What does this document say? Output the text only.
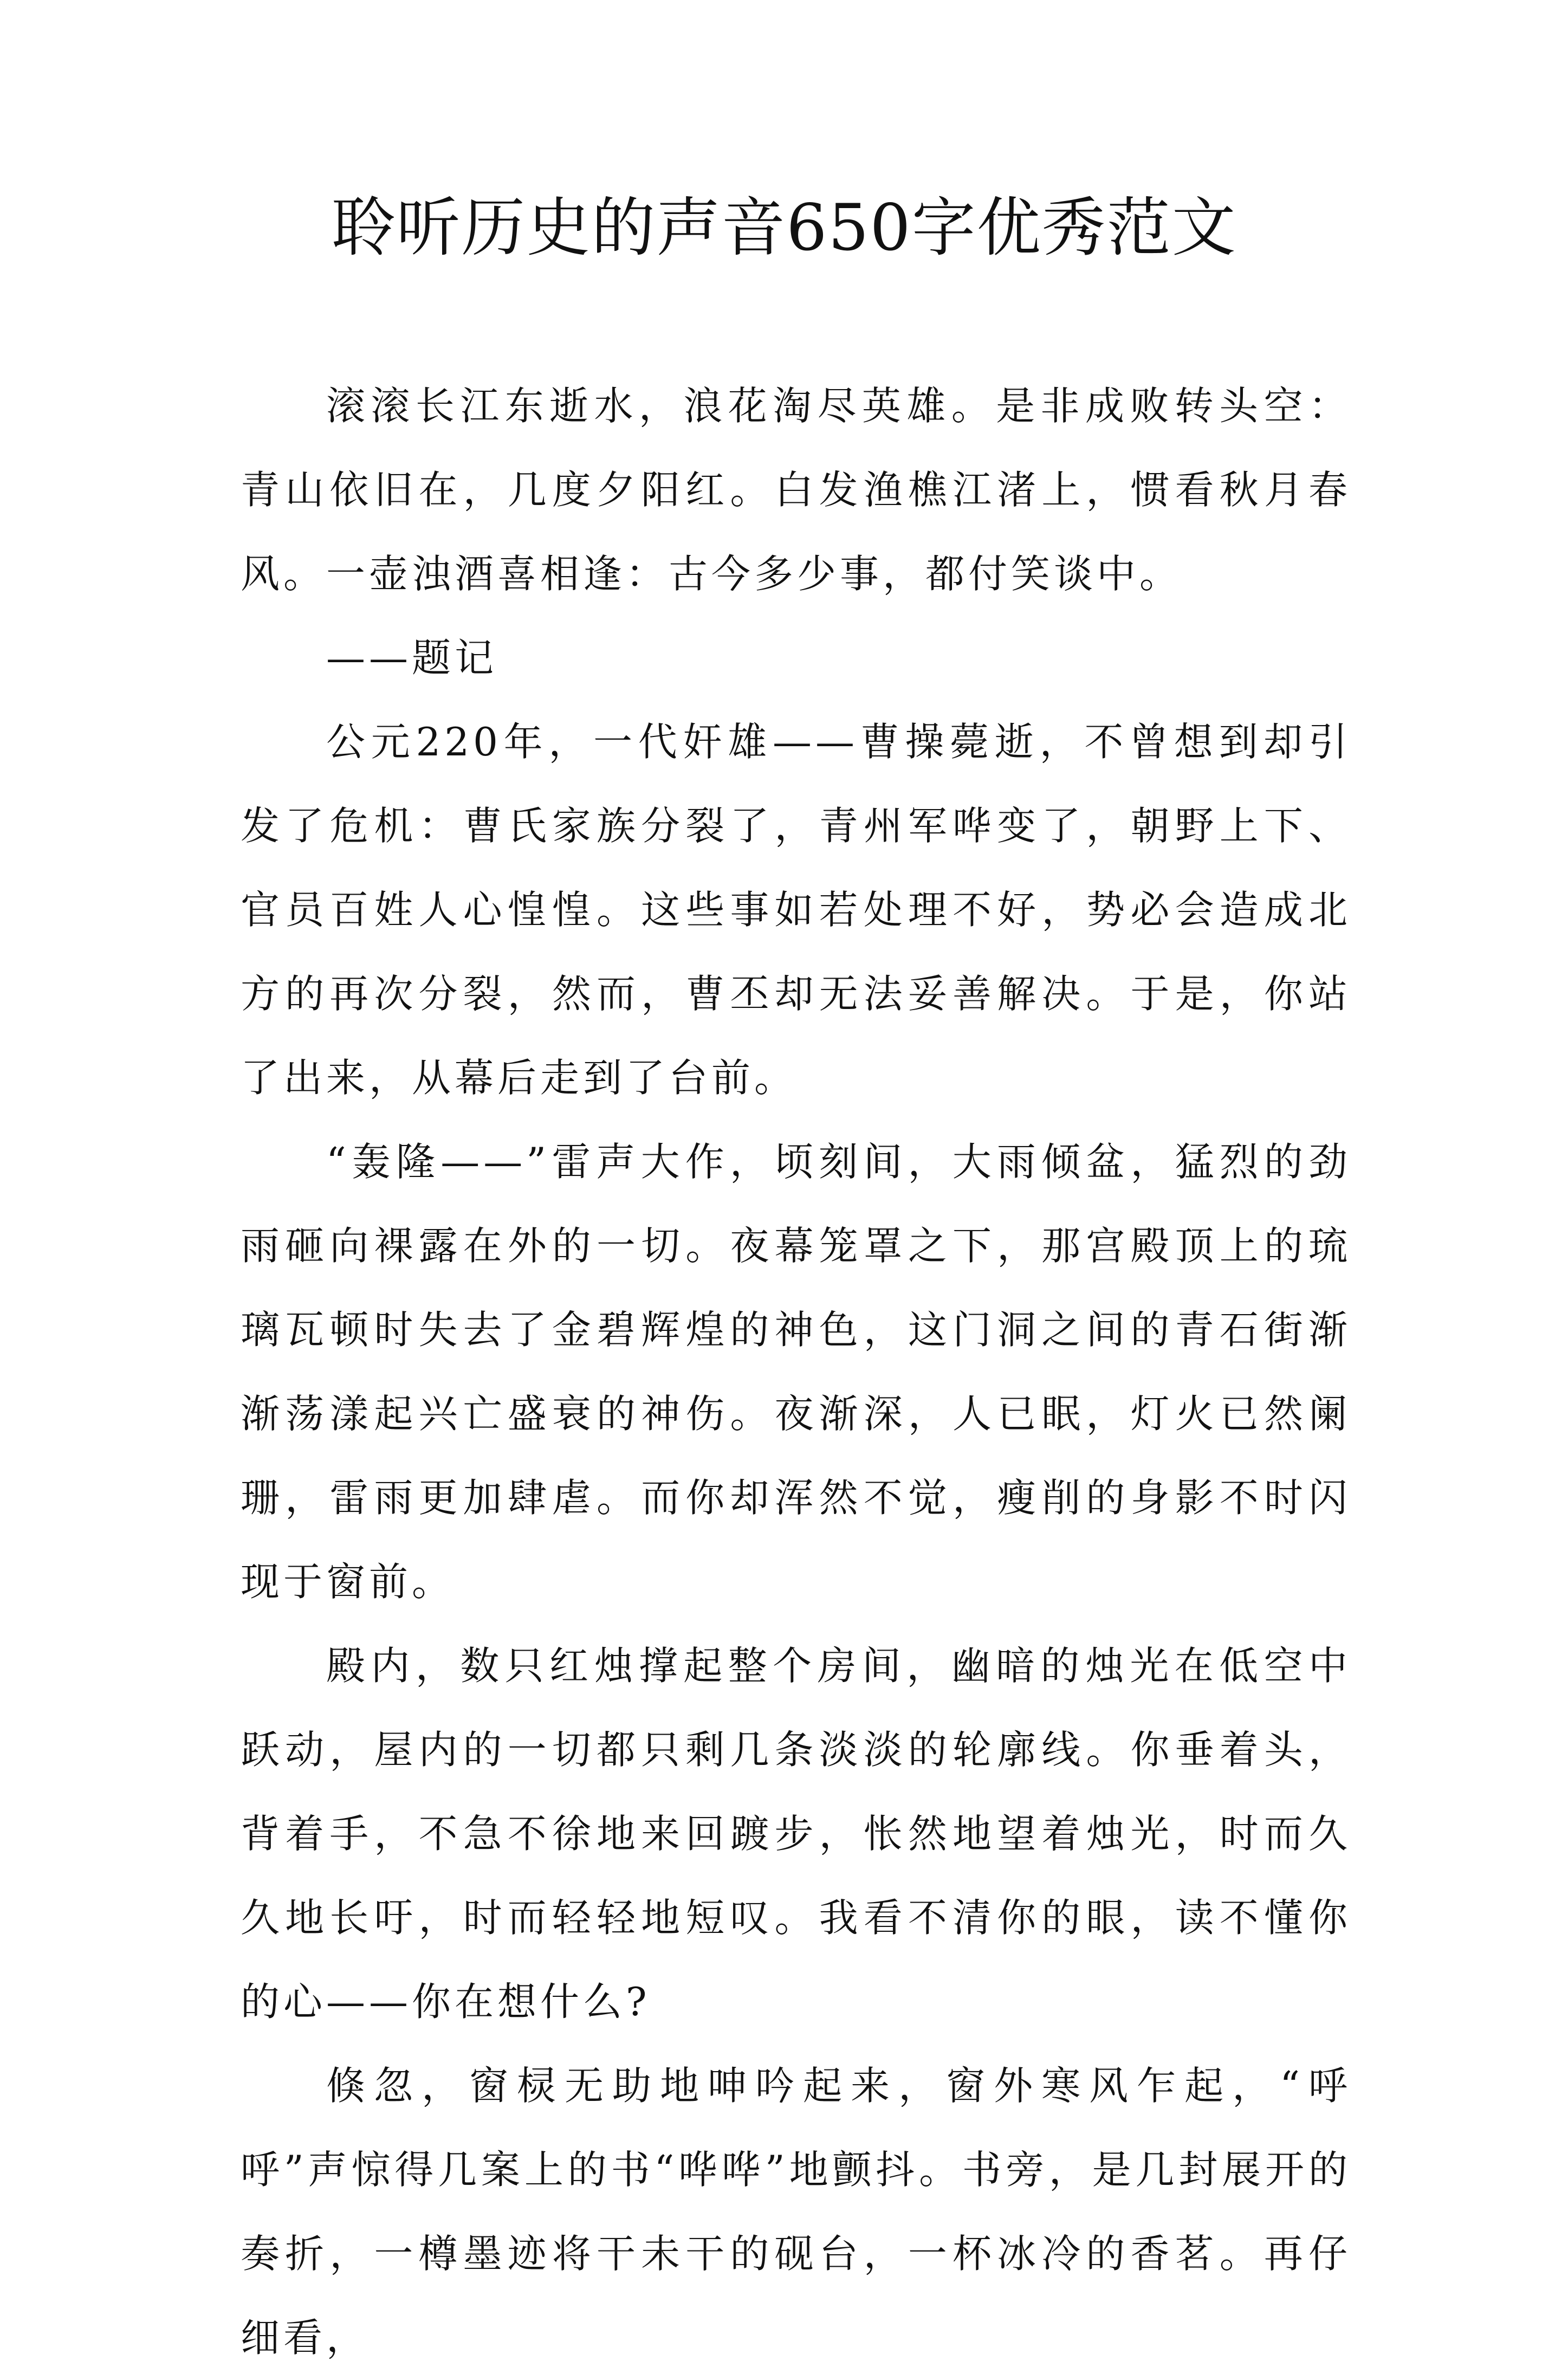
聆听历史的声音650字优秀范文

滚滚长江东逝水，浪花淘尽英雄。是非成败转头空：青山依旧在，几度夕阳红。白发渔樵江渚上，惯看秋月春风。一壶浊酒喜相逢：古今多少事，都付笑谈中。

——题记

公元220年，一代奸雄——曹操薨逝，不曾想到却引发了危机：曹氏家族分裂了，青州军哗变了，朝野上下、官员百姓人心惶惶。这些事如若处理不好，势必会造成北方的再次分裂，然而，曹丕却无法妥善解决。于是，你站了出来，从幕后走到了台前。

“轰隆——”雷声大作，顷刻间，大雨倾盆，猛烈的劲雨砸向裸露在外的一切。夜幕笼罩之下，那宫殿顶上的琉璃瓦顿时失去了金碧辉煌的神色，这门洞之间的青石街渐渐荡漾起兴亡盛衰的神伤。夜渐深，人已眠，灯火已然阑珊，雷雨更加肆虐。而你却浑然不觉，瘦削的身影不时闪现于窗前。

殿内，数只红烛撑起整个房间，幽暗的烛光在低空中跃动，屋内的一切都只剩几条淡淡的轮廓线。你垂着头，背着手，不急不徐地来回踱步，怅然地望着烛光，时而久久地长吁，时而轻轻地短叹。我看不清你的眼，读不懂你的心——你在想什么?

倏忽，窗棂无助地呻吟起来，窗外寒风乍起，“呼呼”声惊得几案上的书“哗哗”地颤抖。书旁，是几封展开的奏折，一樽墨迹将干未干的砚台，一杯冰冷的香茗。再仔细看，
